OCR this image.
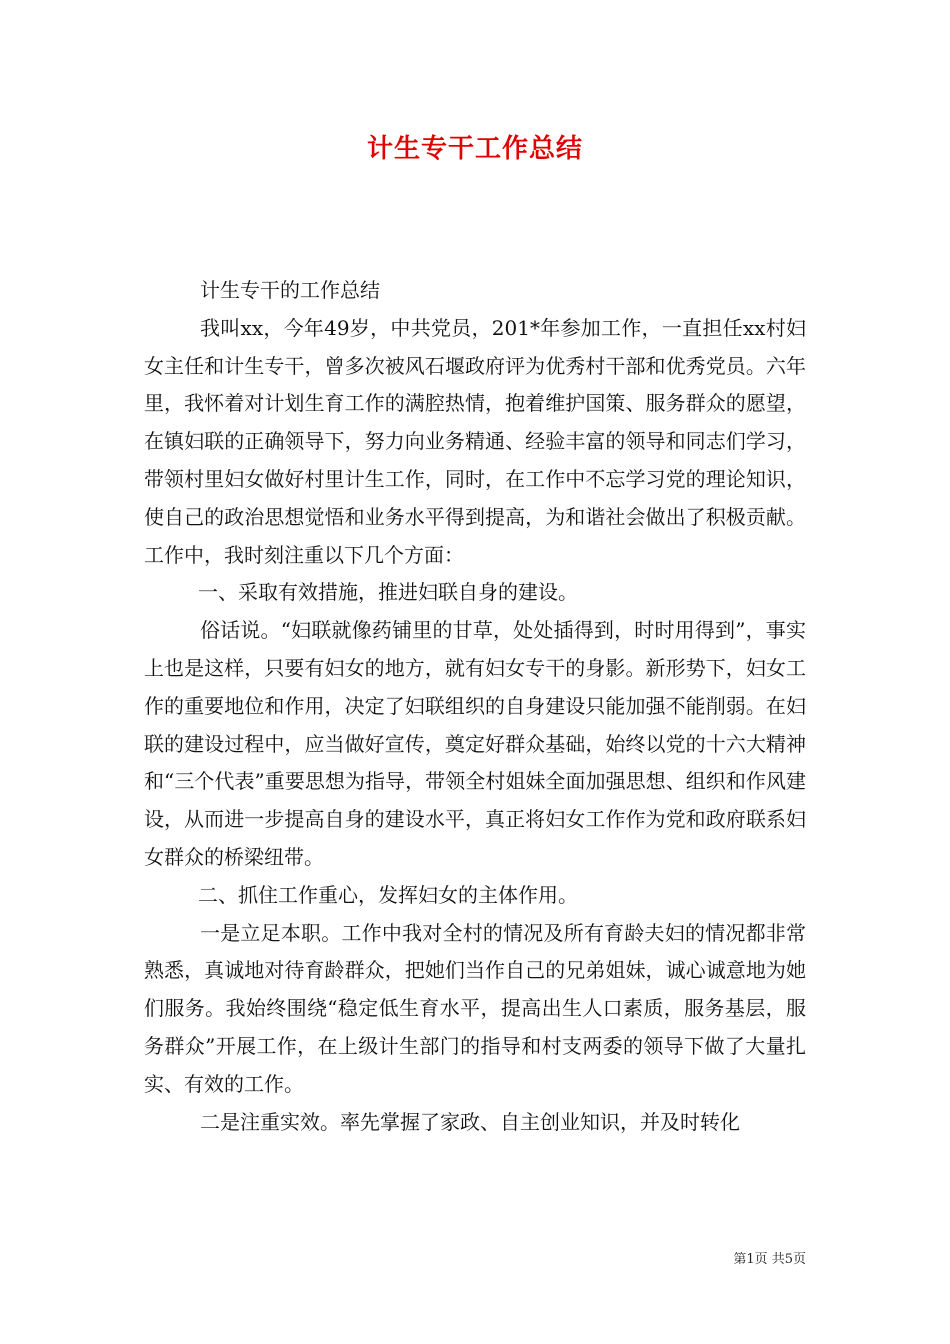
计生专干工作总结

计生专干的工作总结

我叫xx，今年49岁，中共党员，201*年参加工作，一直担任xx村妇女主任和计生专干，曾多次被风石堰政府评为优秀村干部和优秀党员。六年里，我怀着对计划生育工作的满腔热情，抱着维护国策、服务群众的愿望，在镇妇联的正确领导下，努力向业务精通、经验丰富的领导和同志们学习，带领村里妇女做好村里计生工作，同时，在工作中不忘学习党的理论知识，使自己的政治思想觉悟和业务水平得到提高，为和谐社会做出了积极贡献。工作中，我时刻注重以下几个方面：

一、采取有效措施，推进妇联自身的建设。

俗话说。“妇联就像药铺里的甘草，处处插得到，时时用得到”，事实上也是这样，只要有妇女的地方，就有妇女专干的身影。新形势下，妇女工作的重要地位和作用，决定了妇联组织的自身建设只能加强不能削弱。在妇联的建设过程中，应当做好宣传，奠定好群众基础，始终以党的十六大精神和“三个代表”重要思想为指导，带领全村姐妹全面加强思想、组织和作风建设，从而进一步提高自身的建设水平，真正将妇女工作作为党和政府联系妇女群众的桥梁纽带。

二、抓住工作重心，发挥妇女的主体作用。

一是立足本职。工作中我对全村的情况及所有育龄夫妇的情况都非常熟悉，真诚地对待育龄群众，把她们当作自己的兄弟姐妹，诚心诚意地为她们服务。我始终围绕“稳定低生育水平，提高出生人口素质，服务基层，服务群众”开展工作，在上级计生部门的指导和村支两委的领导下做了大量扎实、有效的工作。

二是注重实效。率先掌握了家政、自主创业知识，并及时转化

第1页 共5页
